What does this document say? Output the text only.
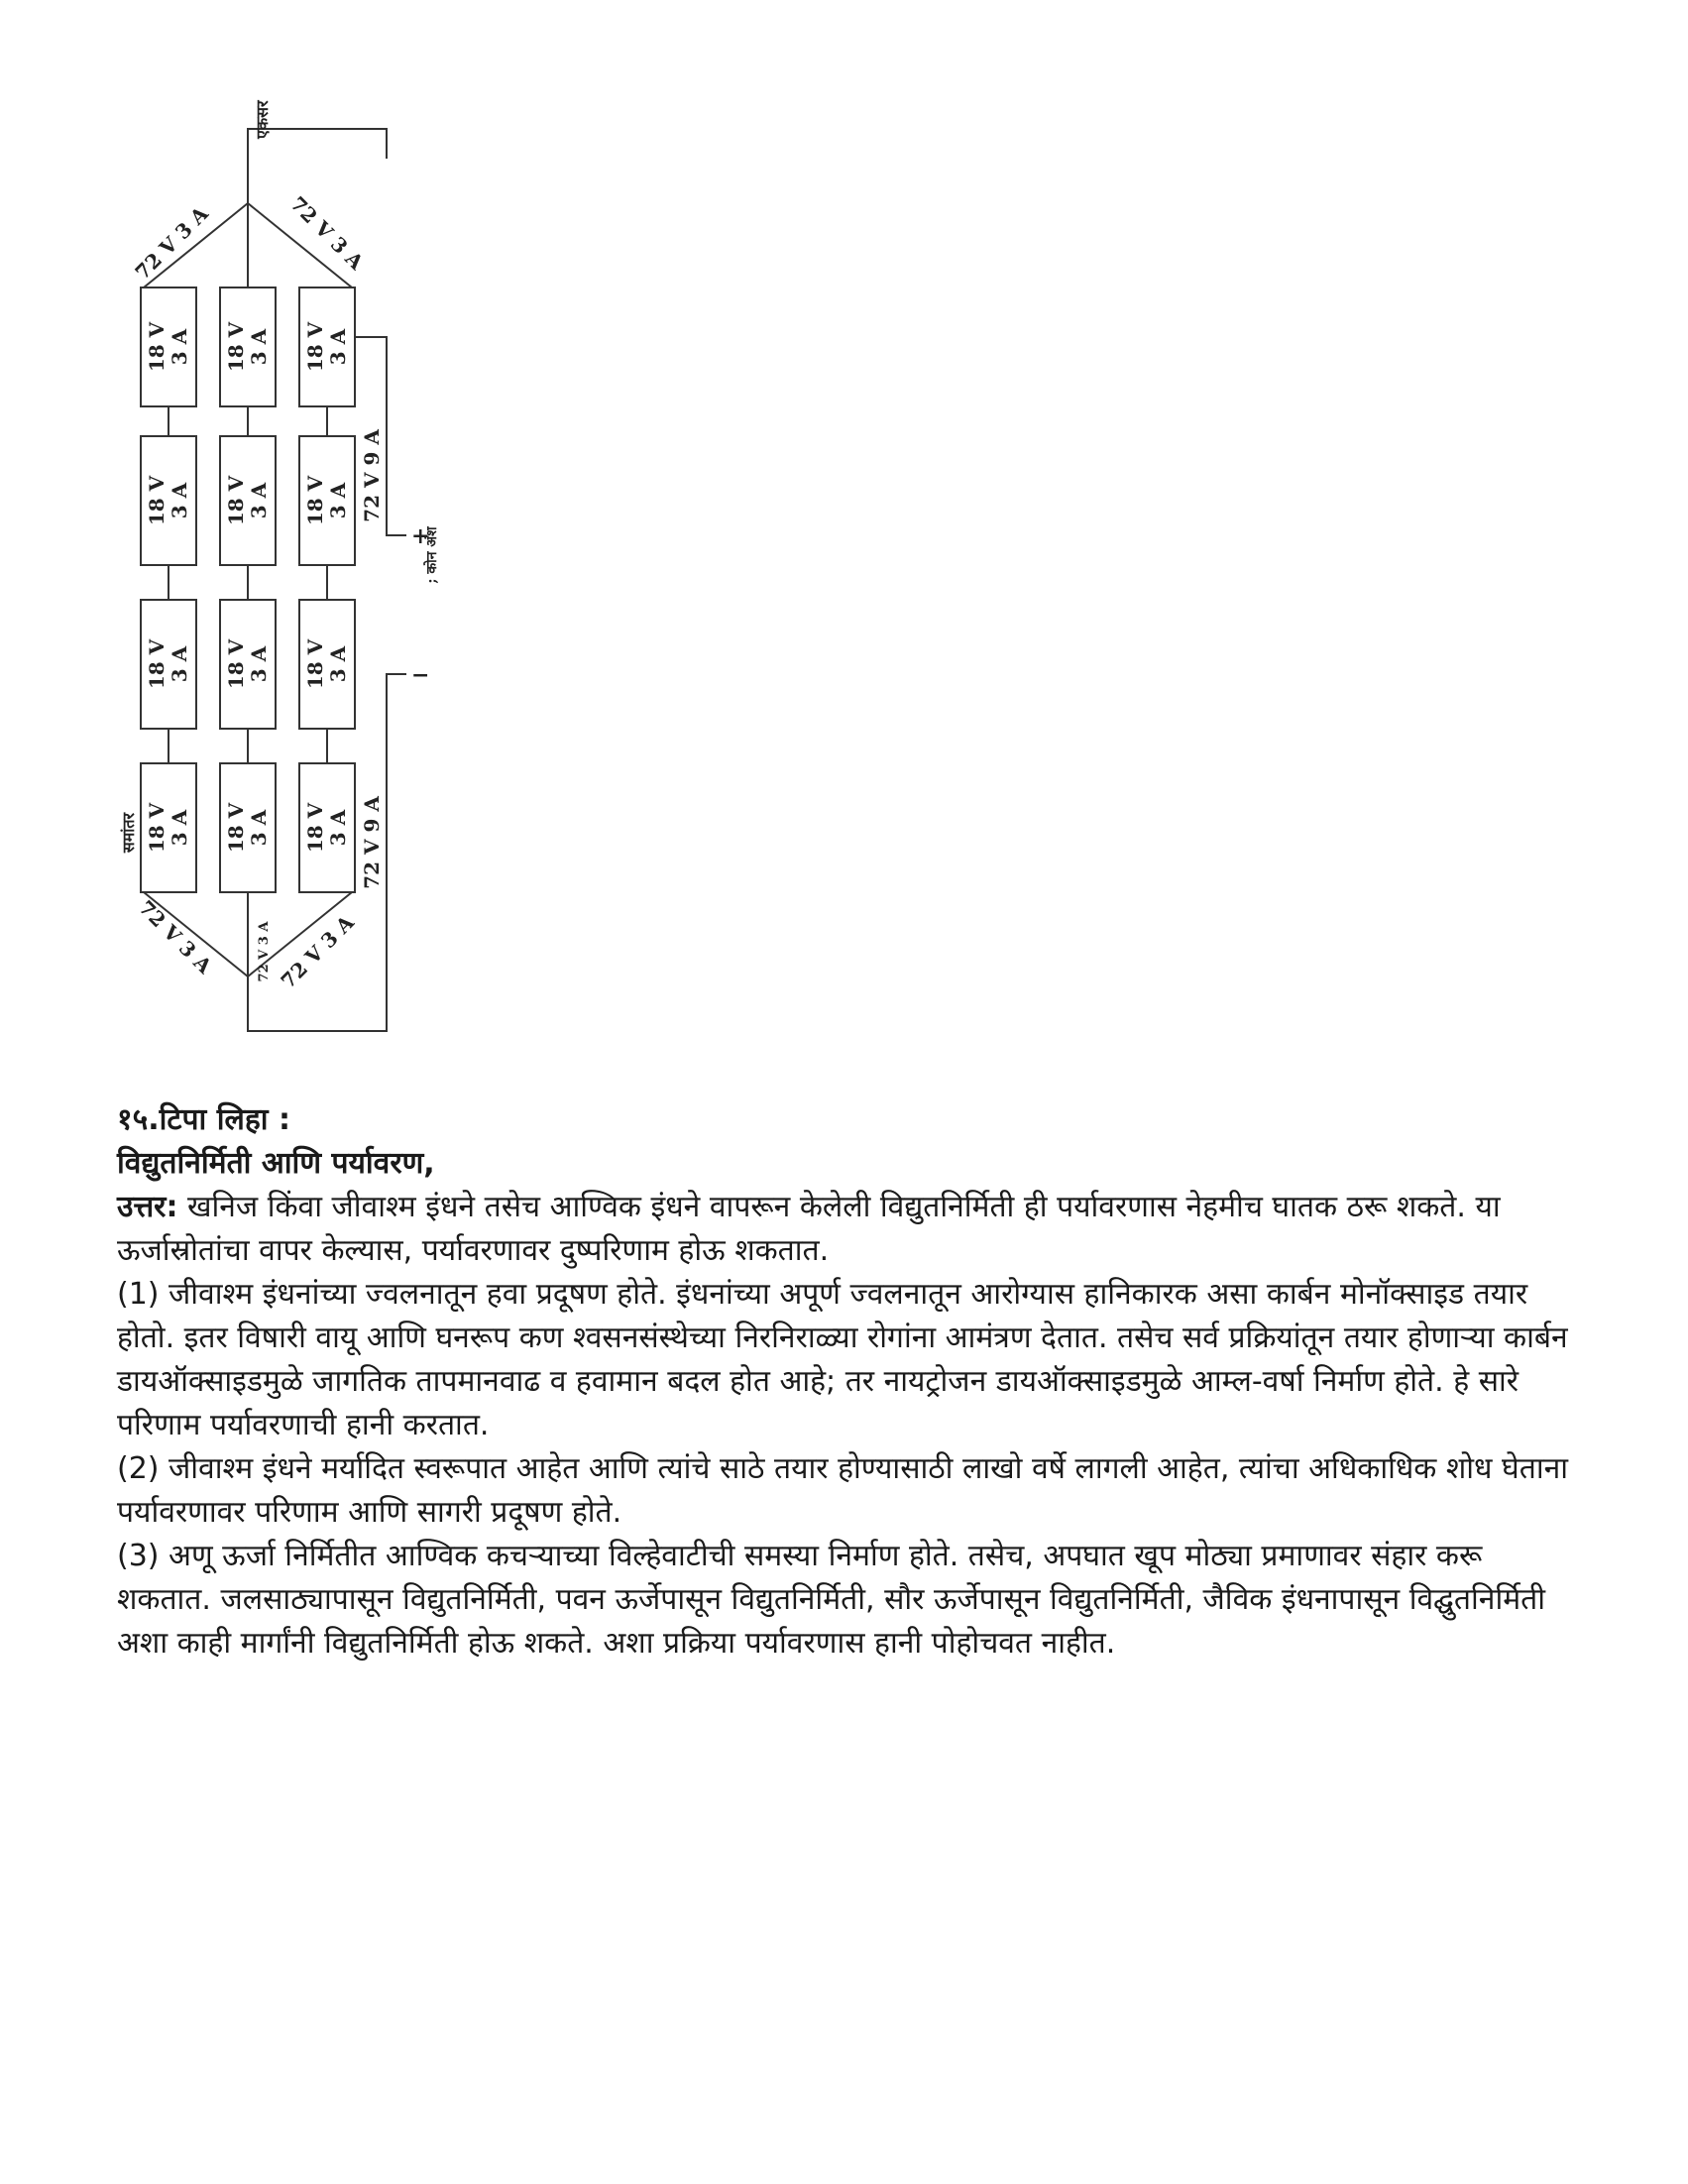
18 V 3 A 18 V 3 A 18 V 3 A
18 V 3 A 18 V 3 A 18 V 3 A
18 V 3 A 18 V 3 A 18 V 3 A
18 V 3 A 18 V 3 A 18 V 3 A
एकसर
72 V 3 A	72 V 3 A
72 V 9 A
+
; कोन अंश
−
समांतर	72 V 9 A
72 V 3 A	72 V 3 A 72 V 3 A

१५.टिपा लिहा :

विद्युतनिर्मिती आणि पर्यावरण,

उत्तर: खनिज किंवा जीवाश्म इंधने तसेच आण्विक इंधने वापरून केलेली विद्युतनिर्मिती ही पर्यावरणास नेहमीच घातक ठरू शकते. या ऊर्जास्रोतांचा वापर केल्यास, पर्यावरणावर दुष्परिणाम होऊ शकतात.

(1) जीवाश्म इंधनांच्या ज्वलनातून हवा प्रदूषण होते. इंधनांच्या अपूर्ण ज्वलनातून आरोग्यास हानिकारक असा कार्बन मोनॉक्साइड तयार होतो. इतर विषारी वायू आणि घनरूप कण श्वसनसंस्थेच्या निरनिराळ्या रोगांना आमंत्रण देतात. तसेच सर्व प्रक्रियांतून तयार होणाऱ्या कार्बन डायऑक्साइडमुळे जागतिक तापमानवाढ व हवामान बदल होत आहे; तर नायट्रोजन डायऑक्साइडमुळे आम्ल-वर्षा निर्माण होते. हे सारे परिणाम पर्यावरणाची हानी करतात.

(2) जीवाश्म इंधने मर्यादित स्वरूपात आहेत आणि त्यांचे साठे तयार होण्यासाठी लाखो वर्षे लागली आहेत, त्यांचा अधिकाधिक शोध घेताना पर्यावरणावर परिणाम आणि सागरी प्रदूषण होते.

(3) अणू ऊर्जा निर्मितीत आण्विक कचऱ्याच्या विल्हेवाटीची समस्या निर्माण होते. तसेच, अपघात खूप मोठ्या प्रमाणावर संहार करू शकतात. जलसाठ्यापासून विद्युतनिर्मिती, पवन ऊर्जेपासून विद्युतनिर्मिती, सौर ऊर्जेपासून विद्युतनिर्मिती, जैविक इंधनापासून विद्घुतनिर्मिती अशा काही मार्गांनी विद्युतनिर्मिती होऊ शकते. अशा प्रक्रिया पर्यावरणास हानी पोहोचवत नाहीत.
